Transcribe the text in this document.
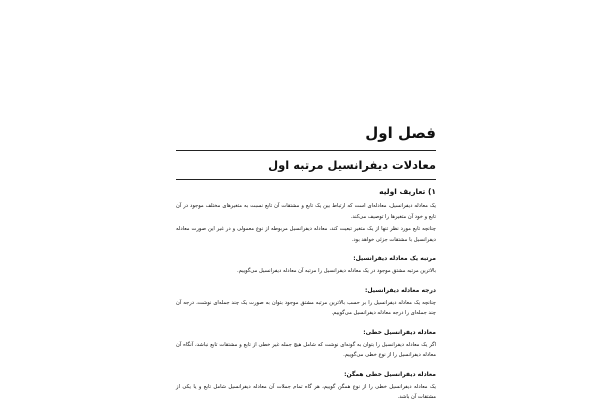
فصل اول
معادلات دیفرانسیل مرتبه اول
۱) تعاریف اولیه

یک معادله دیفرانسیل، معادله‌ای است که ارتباط بین یک تابع و مشتقات آن تابع نسبت به متغیرهای مختلف موجود در آن تابع و خود آن متغیرها را توصیف می‌کند.

چنانچه تابع مورد نظر تنها از یک متغیر تبعیت کند، معادله دیفرانسیل مربوطه از نوع معمولی و در غیر این صورت معادله دیفرانسیل با مشتقات جزئی خواهد بود.

مرتبه یک معادله دیفرانسیل:

بالاترین مرتبه مشتق موجود در یک معادله دیفرانسیل را مرتبه آن معادله دیفرانسیل می‌گوییم.

درجه معادله دیفرانسیل:

چنانچه یک معادله دیفرانسیل را بر حسب بالاترین مرتبه مشتق موجود بتوان به صورت یک چند جمله‌ای نوشت، درجه آن چند جمله‌ای را درجه معادله دیفرانسیل می‌گوییم.

معادله دیفرانسیل خطی:

اگر یک معادله دیفرانسیل را بتوان به گونه‌ای نوشت که شامل هیچ جمله غیر خطی از تابع و مشتقات تابع نباشد، آنگاه آن معادله دیفرانسیل را از نوع خطی می‌گوییم.

معادله دیفرانسیل خطی همگن:

یک معادله دیفرانسیل خطی را از نوع همگن گوییم، هر گاه تمام جملات آن معادله دیفرانسیل شامل تابع و یا یکی از مشتقات آن باشد.
